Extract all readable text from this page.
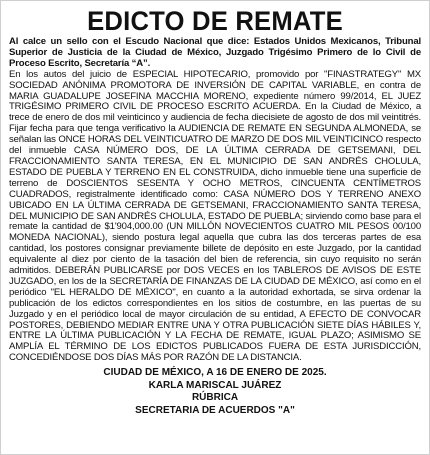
EDICTO DE REMATE

Al calce un sello con el Escudo Nacional que dice: Estados Unidos Mexicanos, Tribunal Superior de Justicia de la Ciudad de México, Juzgado Trigésimo Primero de lo Civil de Proceso Escrito, Secretaría “A”.

En los autos del juicio de ESPECIAL HIPOTECARIO, promovido por "FINASTRATEGY" MX SOCIEDAD ANÓNIMA PROMOTORA DE INVERSIÓN DE CAPITAL VARIABLE, en contra de MARIA GUADALUPE JOSEFINA MACCHIA MORENO, expediente número 99/2014, EL JUEZ TRIGÉSIMO PRIMERO CIVIL DE PROCESO ESCRITO ACUERDA. En la Ciudad de México, a trece de enero de dos mil veinticinco y audiencia de fecha diecisiete de agosto de dos mil veintitrés. Fijar fecha para que tenga verificativo la AUDIENCIA DE REMATE EN SEGUNDA ALMONEDA, se señalan las ONCE HORAS DEL VEINTICUATRO DE MARZO DE DOS MIL VEINTICINCO respecto del inmueble CASA NÚMERO DOS, DE LA ÚLTIMA CERRADA DE GETSEMANI, DEL FRACCIONAMIENTO SANTA TERESA, EN EL MUNICIPIO DE SAN ANDRÉS CHOLULA, ESTADO DE PUEBLA Y TERRENO EN EL CONSTRUIDA, dicho inmueble tiene una superficie de terreno de DOSCIENTOS SESENTA Y OCHO METROS, CINCUENTA CENTÍMETROS CUADRADOS, registralmente identificado como: CASA NÚMERO DOS Y TERRENO ANEXO UBICADO EN LA ÚLTIMA CERRADA DE GETSEMANI, FRACCIONAMIENTO SANTA TERESA, DEL MUNICIPIO DE SAN ANDRÉS CHOLULA, ESTADO DE PUEBLA; sirviendo como base para el remate la cantidad de $1'904,000.00 (UN MILLÓN NOVECIENTOS CUATRO MIL PESOS 00/100 MONEDA NACIONAL), siendo postura legal aquella que cubra las dos terceras partes de esa cantidad, los postores consignar previamente billete de depósito en este Juzgado, por la cantidad equivalente al diez por ciento de la tasación del bien de referencia, sin cuyo requisito no serán admitidos. DEBERÁN PUBLICARSE por DOS VECES en los TABLEROS DE AVISOS DE ESTE JUZGADO, en los de la SECRETARÍA DE FINANZAS DE LA CIUDAD DE MÉXICO, así como en el periódico "EL HERALDO DE MÉXICO", en cuanto a la autoridad exhortada, se sirva ordenar la publicación de los edictos correspondientes en los sitios de costumbre, en las puertas de su Juzgado y en el periódico local de mayor circulación de su entidad, A EFECTO DE CONVOCAR POSTORES, DEBIENDO MEDIAR ENTRE UNA Y OTRA PUBLICACIÓN SIETE DÍAS HÁBILES Y, ENTRE LA ÚLTIMA PUBLICACIÓN Y LA FECHA DE REMATE, IGUAL PLAZO; ASIMISMO SE AMPLÍA EL TÉRMINO DE LOS EDICTOS PUBLICADOS FUERA DE ESTA JURISDICCIÓN, CONCEDIÉNDOSE DOS DÍAS MÁS POR RAZÓN DE LA DISTANCIA.

CIUDAD DE MÉXICO, A 16 DE ENERO DE 2025.
KARLA MARISCAL JUÁREZ
RÚBRICA
SECRETARIA DE ACUERDOS "A"
